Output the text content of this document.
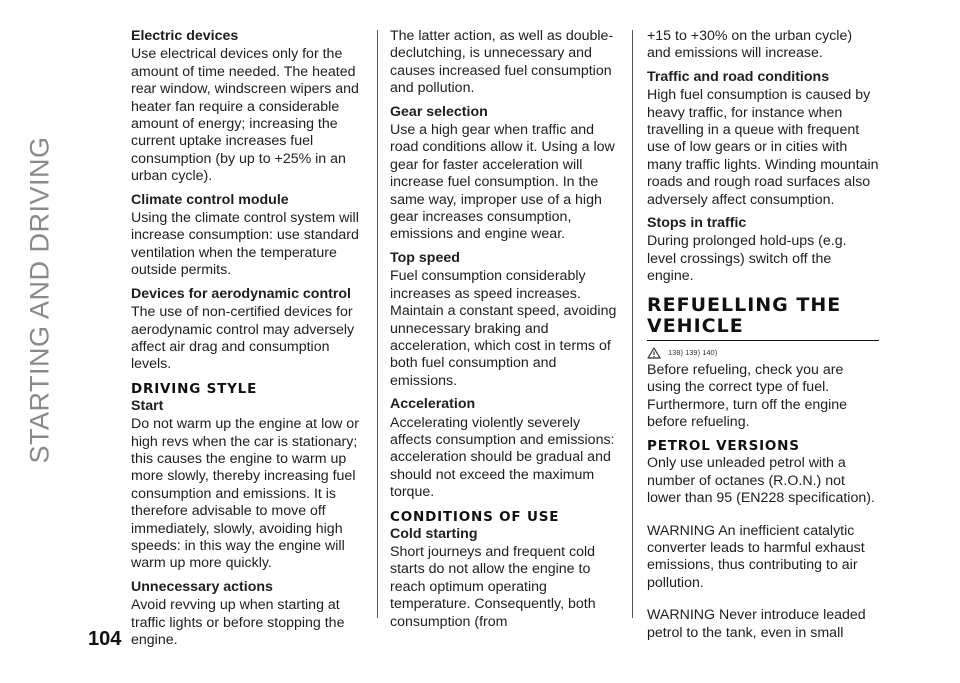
STARTING AND DRIVING
Electric devices

Use electrical devices only for the amount of time needed. The heated rear window, windscreen wipers and heater fan require a considerable amount of energy; increasing the current uptake increases fuel consumption (by up to +25% in an urban cycle).

Climate control module

Using the climate control system will increase consumption: use standard ventilation when the temperature outside permits.

Devices for aerodynamic control

The use of non-certified devices for aerodynamic control may adversely affect air drag and consumption levels.

DRIVING STYLE
Start

Do not warm up the engine at low or high revs when the car is stationary; this causes the engine to warm up more slowly, thereby increasing fuel consumption and emissions. It is therefore advisable to move off immediately, slowly, avoiding high speeds: in this way the engine will warm up more quickly.

Unnecessary actions

Avoid revving up when starting at traffic lights or before stopping the engine.

The latter action, as well as double-declutching, is unnecessary and causes increased fuel consumption and pollution.

Gear selection

Use a high gear when traffic and road conditions allow it. Using a low gear for faster acceleration will increase fuel consumption. In the same way, improper use of a high gear increases consumption, emissions and engine wear.

Top speed

Fuel consumption considerably increases as speed increases. Maintain a constant speed, avoiding unnecessary braking and acceleration, which cost in terms of both fuel consumption and emissions.

Acceleration

Accelerating violently severely affects consumption and emissions: acceleration should be gradual and should not exceed the maximum torque.

CONDITIONS OF USE
Cold starting

Short journeys and frequent cold starts do not allow the engine to reach optimum operating temperature. Consequently, both consumption (from

+15 to +30% on the urban cycle) and emissions will increase.

Traffic and road conditions

High fuel consumption is caused by heavy traffic, for instance when travelling in a queue with frequent use of low gears or in cities with many traffic lights. Winding mountain roads and rough road surfaces also adversely affect consumption.

Stops in traffic

During prolonged hold-ups (e.g. level crossings) switch off the engine.

REFUELLING THE VEHICLE
138) 139) 140)

Before refueling, check you are using the correct type of fuel. Furthermore, turn off the engine before refueling.

PETROL VERSIONS

Only use unleaded petrol with a number of octanes (R.O.N.) not lower than 95 (EN228 specification).

WARNING An inefficient catalytic converter leads to harmful exhaust emissions, thus contributing to air pollution.

WARNING Never introduce leaded petrol to the tank, even in small

104
